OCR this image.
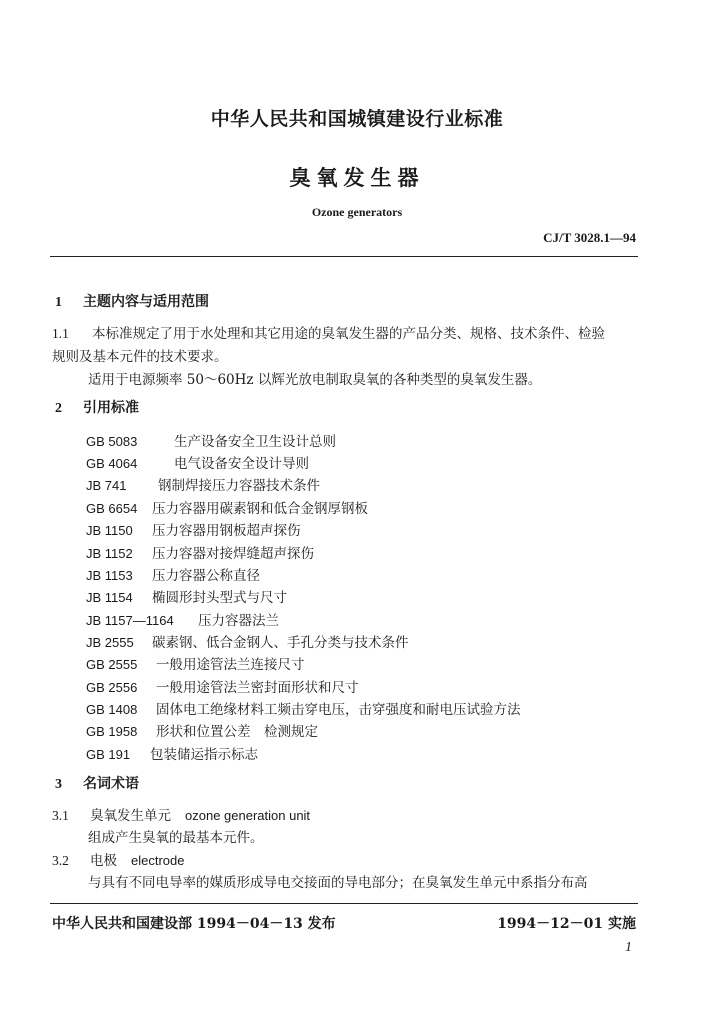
中华人民共和国城镇建设行业标准
臭氧发生器
Ozone generators
CJ/T 3028.1—94
1 主题内容与适用范围
1.1 本标准规定了用于水处理和其它用途的臭氧发生器的产品分类、规格、技术条件、检验
规则及基本元件的技术要求。
适用于电源频率 50～60Hz 以辉光放电制取臭氧的各种类型的臭氧发生器。
2 引用标准
GB 5083	生产设备安全卫生设计总则
GB 4064	电气设备安全设计导则
JB 741 钢制焊接压力容器技术条件
GB 6654 压力容器用碳素钢和低合金钢厚钢板
JB 1150 压力容器用钢板超声探伤
JB 1152 压力容器对接焊缝超声探伤
JB 1153 压力容器公称直径
JB 1154 椭圆形封头型式与尺寸
JB 1157—1164 压力容器法兰
JB 2555 碳素钢、低合金钢人、手孔分类与技术条件
GB 2555 一般用途管法兰连接尺寸
GB 2556 一般用途管法兰密封面形状和尺寸
GB 1408 固体电工绝缘材料工频击穿电压，击穿强度和耐电压试验方法
GB 1958 形状和位置公差　检测规定
GB 191 包装储运指示标志
3 名词术语
3.1 臭氧发生单元 ozone generation unit
组成产生臭氧的最基本元件。
3.2 电极 electrode
与具有不同电导率的媒质形成导电交接面的导电部分；在臭氧发生单元中系指分布高
中华人民共和国建设部 1994－04－13 发布	1994－12－01 实施
1
